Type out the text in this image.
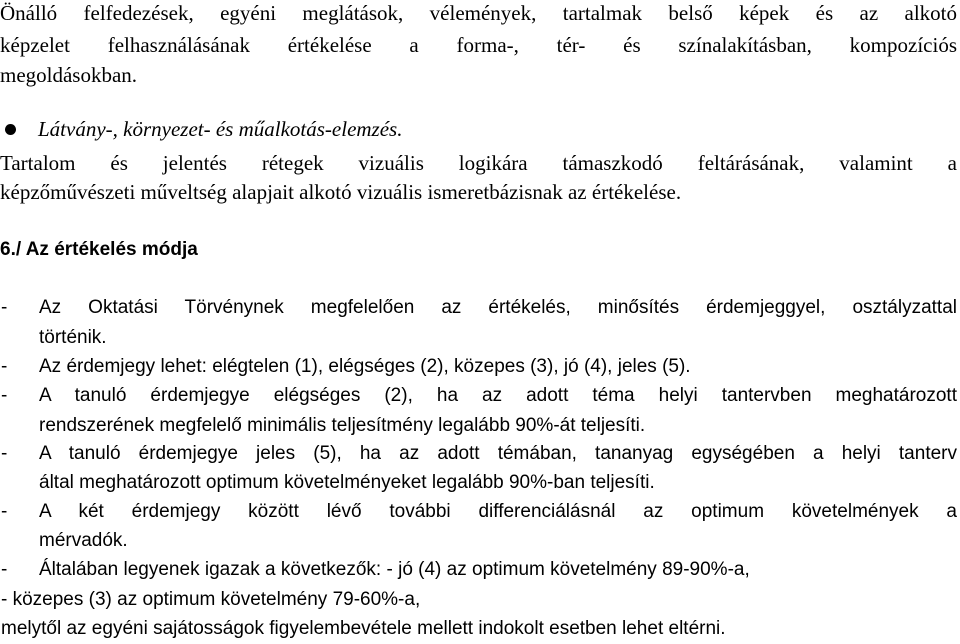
Önálló felfedezések, egyéni meglátások, vélemények, tartalmak belső képek és az alkotó
képzelet felhasználásának értékelése a forma-, tér- és színalakításban, kompozíciós
megoldásokban.
Látvány-, környezet- és műalkotás-elemzés.
Tartalom és jelentés rétegek vizuális logikára támaszkodó feltárásának, valamint a
képzőművészeti műveltség alapjait alkotó vizuális ismeretbázisnak az értékelése.
6./ Az értékelés módja
- Az Oktatási Törvénynek megfelelően az értékelés, minősítés érdemjeggyel, osztályzattal
történik.
- Az érdemjegy lehet: elégtelen (1), elégséges (2), közepes (3), jó (4), jeles (5).
- A tanuló érdemjegye elégséges (2), ha az adott téma helyi tantervben meghatározott
rendszerének megfelelő minimális teljesítmény legalább 90%-át teljesíti.
- A tanuló érdemjegye jeles (5), ha az adott témában, tananyag egységében a helyi tanterv
által meghatározott optimum követelményeket legalább 90%-ban teljesíti.
- A két érdemjegy között lévő további differenciálásnál az optimum követelmények a
mérvadók.
- Általában legyenek igazak a következők: - jó (4) az optimum követelmény 89-90%-a,
- közepes (3) az optimum követelmény 79-60%-a,
melytől az egyéni sajátosságok figyelembevétele mellett indokolt esetben lehet eltérni.
